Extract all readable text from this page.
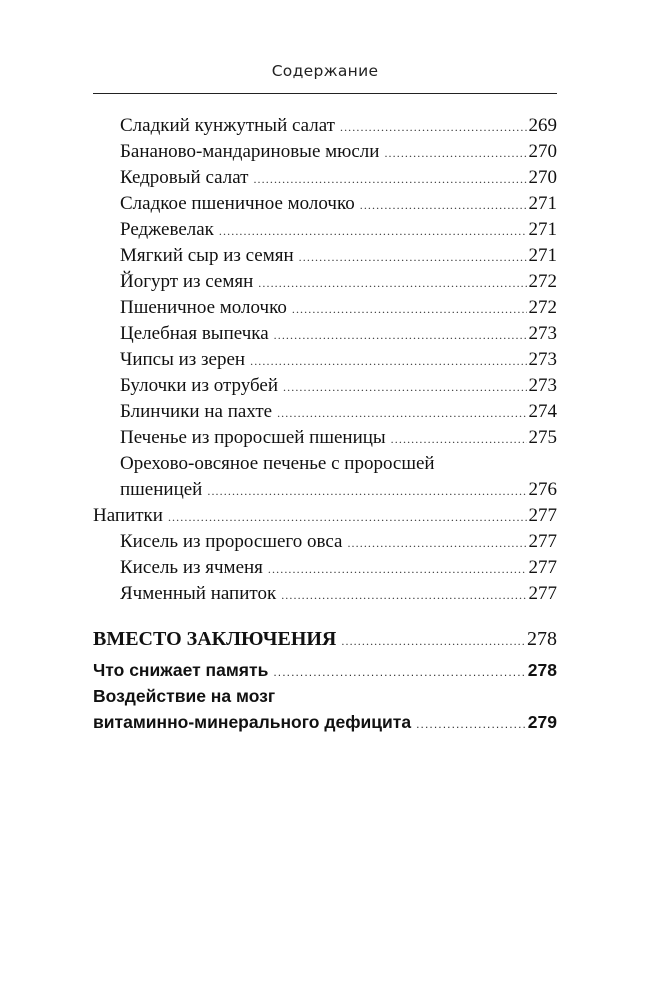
Содержание
Сладкий кунжутный салат .....	269
Бананово-мандариновые мюсли .....	270
Кедровый салат .....	270
Сладкое пшеничное молочко .....	271
Реджевелак .....	271
Мягкий сыр из семян .....	271
Йогурт из семян .....	272
Пшеничное молочко .....	272
Целебная выпечка .....	273
Чипсы из зерен .....	273
Булочки из отрубей .....	273
Блинчики на пахте .....	274
Печенье из проросшей пшеницы .....	275
Орехово-овсяное печенье с проросшей
пшеницей .....	276
Напитки .....	277
Кисель из проросшего овса .....	277
Кисель из ячменя .....	277
Ячменный напиток .....	277
ВМЕСТО ЗАКЛЮЧЕНИЯ .....	278
Что снижает память .....	278
Воздействие на мозг
витаминно-минерального дефицита .....	279
